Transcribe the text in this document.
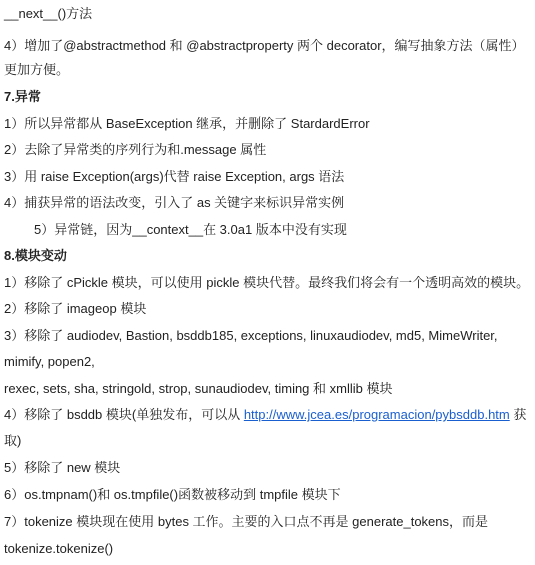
__next__()方法
4）增加了@abstractmethod 和 @abstractproperty 两个 decorator，编写抽象方法（属性）
更加方便。
7.异常
1）所以异常都从 BaseException 继承，并删除了 StardardError
2）去除了异常类的序列行为和.message 属性
3）用 raise Exception(args)代替 raise Exception, args 语法
4）捕获异常的语法改变，引入了 as 关键字来标识异常实例
5）异常链，因为__context__在 3.0a1 版本中没有实现
8.模块变动
1）移除了 cPickle 模块，可以使用 pickle 模块代替。最终我们将会有一个透明高效的模块。
2）移除了 imageop 模块
3）移除了 audiodev, Bastion, bsddb185, exceptions, linuxaudiodev, md5, MimeWriter,
mimify, popen2,
rexec, sets, sha, stringold, strop, sunaudiodev, timing 和 xmllib 模块
4）移除了 bsddb 模块(单独发布，可以从 http://www.jcea.es/programacion/pybsddb.htm 获
取)
5）移除了 new 模块
6）os.tmpnam()和 os.tmpfile()函数被移动到 tmpfile 模块下
7）tokenize 模块现在使用 bytes 工作。主要的入口点不再是 generate_tokens，而是
tokenize.tokenize()
